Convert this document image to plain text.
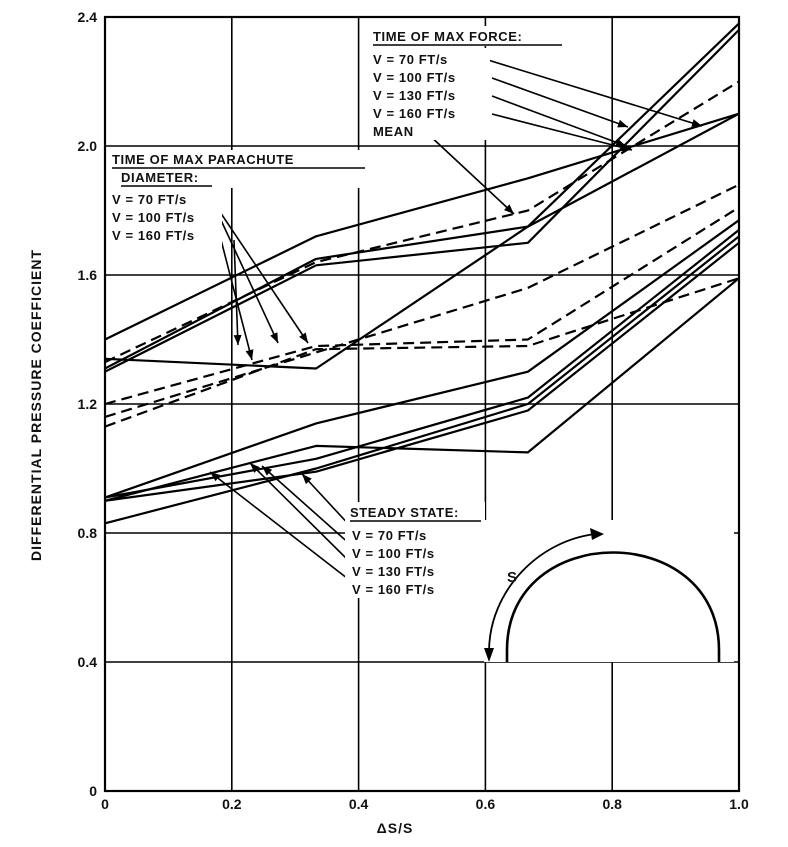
0	0.2	0.4	0.6	0.8	1.0
0
0.4
0.8
1.2
1.6
2.0
2.4
DIFFERENTIAL PRESSURE COEFFICIENT
ΔS/S
TIME OF MAX FORCE:
V = 70 FT/s
V = 100 FT/s
V = 130 FT/s
V = 160 FT/s
MEAN
TIME OF MAX PARACHUTE
DIAMETER:
V = 70 FT/s
V = 100 FT/s
V = 160 FT/s
STEADY STATE:
V = 70 FT/s
V = 100 FT/s
V = 130 FT/s
V = 160 FT/s
S
